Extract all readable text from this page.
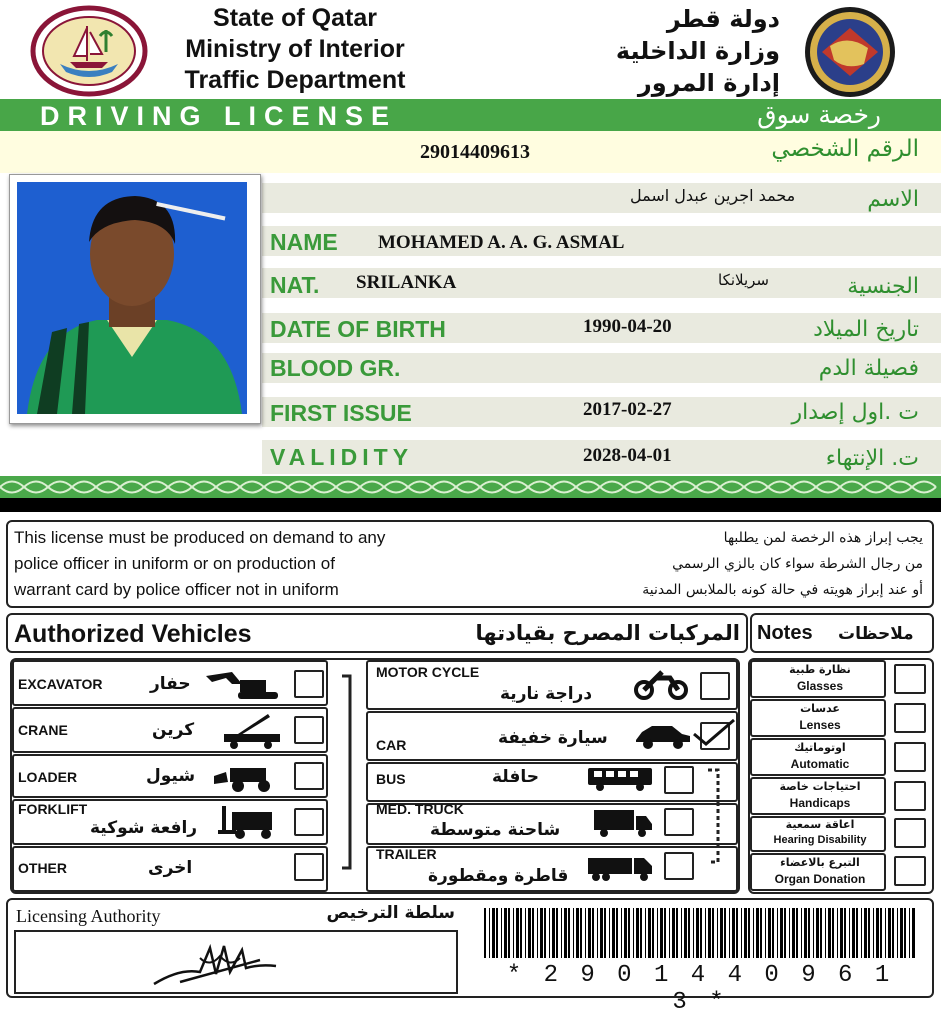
State of Qatar
Ministry of Interior
Traffic Department
دولة قطر
وزارة الداخلية
إدارة المرور
DRIVING LICENSE	رخصة سوق
29014409613	الرقم الشخصي
محمد اجرين عبدل اسمل	الاسم
NAME MOHAMED A. A. G. ASMAL
NAT. SRILANKA	سريلانكا	الجنسية
DATE OF BIRTH	1990-04-20	تاريخ الميلاد
BLOOD GR.	فصيلة الدم
FIRST ISSUE	2017-02-27	ت .اول إصدار
VALIDITY	2028-04-01	ت. الإنتهاء
This license must be produced on demand to any
police officer in uniform or on production of
warrant card by police officer not in uniform
يجب إبراز هذه الرخصة لمن يطلبها
من رجال الشرطة سواء كان بالزي الرسمي
أو عند إبراز هويته في حالة كونه بالملابس المدنية
Authorized Vehicles	المركبات المصرح بقيادتها Notes ملاحظات
EXCAVATOR	حفار
CRANE	كرين
LOADER	شيول
FORKLIFT
رافعة شوكية
OTHER	اخرى
MOTOR CYCLE
دراجة نارية
CAR	سيارة خفيفة
BUS	حافلة
MED. TRUCK
شاحنة متوسطة
TRAILER
قاطرة ومقطورة
نظارة طبية
Glasses
عدسات
Lenses
اوتوماتيك
Automatic
احتياجات خاصة
Handicaps
اعاقة سمعية
Hearing Disability
التبرع بالاعضاء
Organ Donation
Licensing Authority	سلطة الترخيص
* 2 9 0 1 4 4 0 9 6 1 3 *
